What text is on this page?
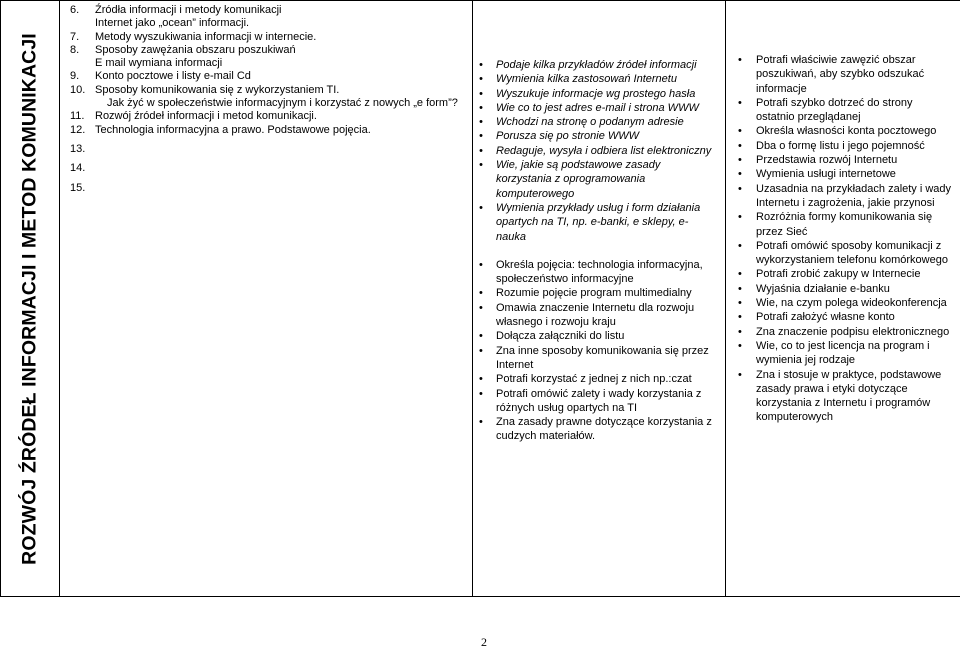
ROZWÓJ ŹRÓDEŁ INFORMACJI I METOD KOMUNIKACJI

6.	Źródła informacji i metody komunikacji
Internet jako „ocean” informacji.
7.	Metody wyszukiwania informacji w internecie.
8.	Sposoby zawężania obszaru poszukiwań
E mail wymiana informacji
9.	Konto pocztowe i listy e-mail Cd
10. Sposoby komunikowania się z wykorzystaniem TI.
Jak żyć w społeczeństwie informacyjnym i korzystać z nowych „e form”?
11. Rozwój źródeł informacji i metod komunikacji.
12. Technologia informacyjna a prawo. Podstawowe pojęcia.
13.
14.
15.

• Podaje kilka przykładów źródeł informacji
• Wymienia kilka zastosowań Internetu
• Wyszukuje informacje wg prostego hasła
• Wie co to jest adres e-mail i strona WWW
• Wchodzi na stronę o podanym adresie
• Porusza się po stronie WWW
• Redaguje, wysyła i odbiera list elektroniczny
• Wie, jakie są podstawowe zasady korzystania z oprogramowania komputerowego
• Wymienia przykłady usług i form działania opartych na TI, np. e-banki, e sklepy, e-nauka
• Określa pojęcia: technologia informacyjna, społeczeństwo informacyjne
• Rozumie pojęcie program multimedialny
• Omawia znaczenie Internetu dla rozwoju własnego i rozwoju kraju
• Dołącza załączniki do listu
• Zna inne sposoby komunikowania się przez Internet
• Potrafi korzystać z jednej z nich np.:czat
• Potrafi omówić zalety i wady korzystania z różnych usług opartych na TI
• Zna zasady prawne dotyczące korzystania z cudzych materiałów.

• Potrafi właściwie zawęzić obszar poszukiwań, aby szybko odszukać informacje
• Potrafi szybko dotrzeć do strony ostatnio przeglądanej
• Określa własności konta pocztowego
• Dba o formę listu i jego pojemność
• Przedstawia rozwój Internetu
• Wymienia usługi internetowe
• Uzasadnia na przykładach zalety i wady Internetu i zagrożenia, jakie przynosi
• Rozróżnia formy komunikowania się przez Sieć
• Potrafi omówić sposoby komunikacji z wykorzystaniem telefonu komórkowego
• Potrafi zrobić zakupy w Internecie
• Wyjaśnia działanie e-banku
• Wie, na czym polega wideokonferencja
• Potrafi założyć własne konto
• Zna znaczenie podpisu elektronicznego
• Wie, co to jest licencja na program i wymienia jej rodzaje
• Zna i stosuje w praktyce, podstawowe zasady prawa i etyki dotyczące korzystania z Internetu i programów komputerowych
2
